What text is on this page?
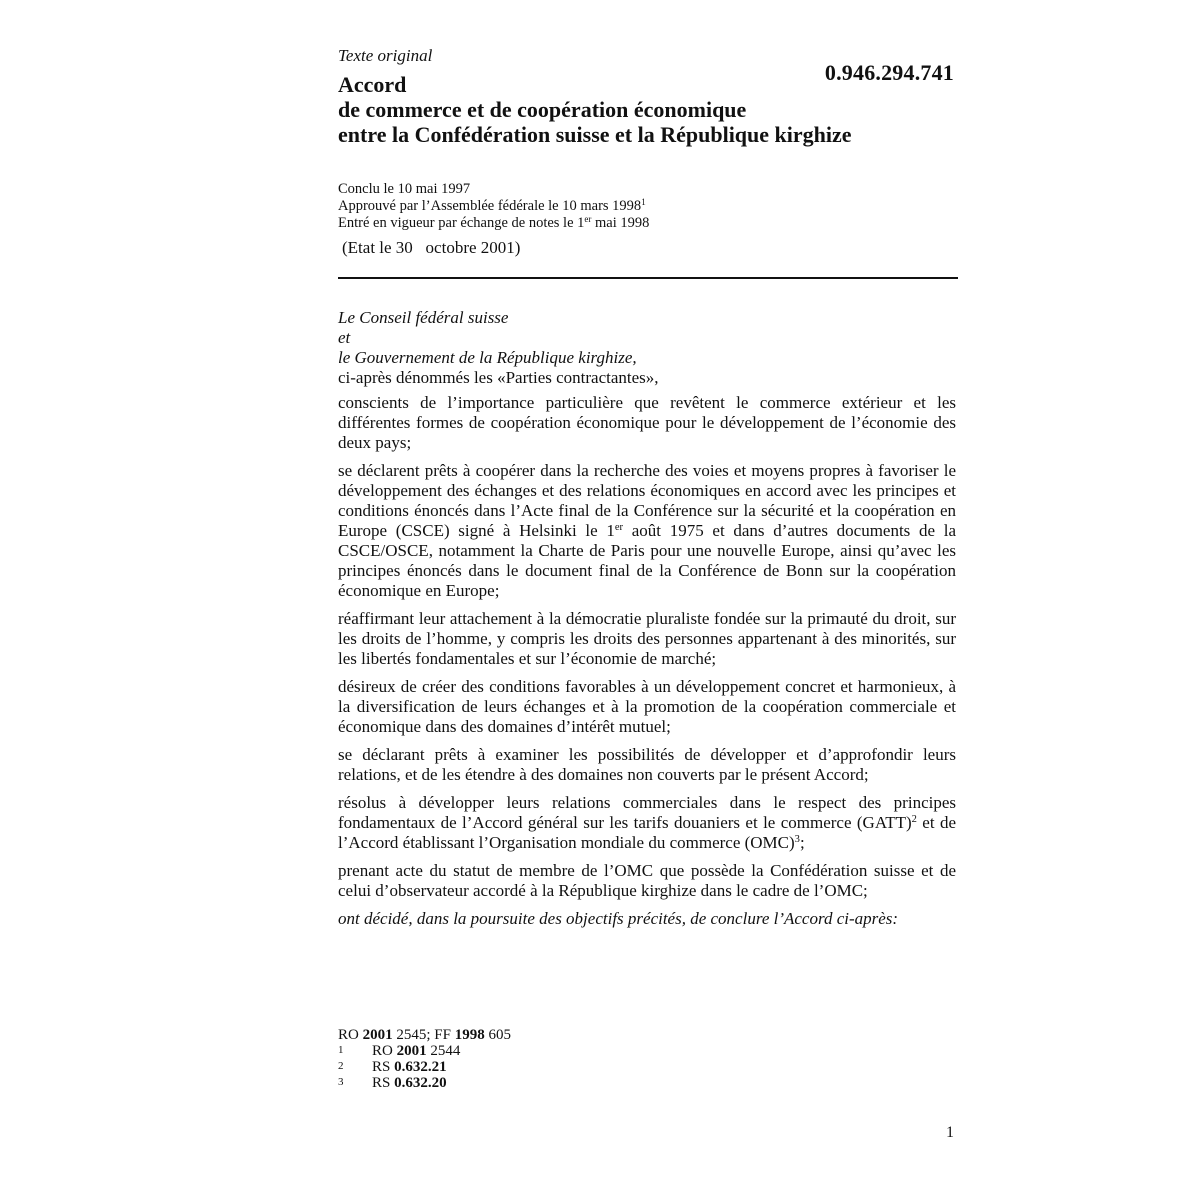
Texte original
0.946.294.741
Accord
de commerce et de coopération économique
entre la Confédération suisse et la République kirghize
Conclu le 10 mai 1997
Approuvé par l’Assemblée fédérale le 10 mars 1998$^1$
Entré en vigueur par échange de notes le 1er mai 1998
(Etat le 30   octobre 2001)

Le Conseil fédéral suisse

et

le Gouvernement de la République kirghize,

ci-après dénommés les «Parties contractantes»,

conscients de l’importance particulière que revêtent le commerce extérieur et les différentes formes de coopération économique pour le développement de l’économie des deux pays;

se déclarent prêts à coopérer dans la recherche des voies et moyens propres à favoriser le développement des échanges et des relations économiques en accord avec les principes et conditions énoncés dans l’Acte final de la Conférence sur la sécurité et la coopération en Europe (CSCE) signé à Helsinki le 1er août 1975 et dans d’autres documents de la CSCE/OSCE, notamment la Charte de Paris pour une nouvelle Europe, ainsi qu’avec les principes énoncés dans le document final de la Conférence de Bonn sur la coopération économique en Europe;

réaffirmant leur attachement à la démocratie pluraliste fondée sur la primauté du droit, sur les droits de l’homme, y compris les droits des personnes appartenant à des minorités, sur les libertés fondamentales et sur l’économie de marché;

désireux de créer des conditions favorables à un développement concret et harmonieux, à la diversification de leurs échanges et à la promotion de la coopération commerciale et économique dans des domaines d’intérêt mutuel;

se déclarant prêts à examiner les possibilités de développer et d’approfondir leurs relations, et de les étendre à des domaines non couverts par le présent Accord;

résolus à développer leurs relations commerciales dans le respect des principes fondamentaux de l’Accord général sur les tarifs douaniers et le commerce (GATT)$^2$ et de l’Accord établissant l’Organisation mondiale du commerce (OMC)$^3$;

prenant acte du statut de membre de l’OMC que possède la Confédération suisse et de celui d’observateur accordé à la République kirghize dans le cadre de l’OMC;

ont décidé, dans la poursuite des objectifs précités, de conclure l’Accord ci-après:

RO 2001 2545; FF 1998 605

1	RO 2001 2544
2	RS 0.632.21
3	RS 0.632.20
1
